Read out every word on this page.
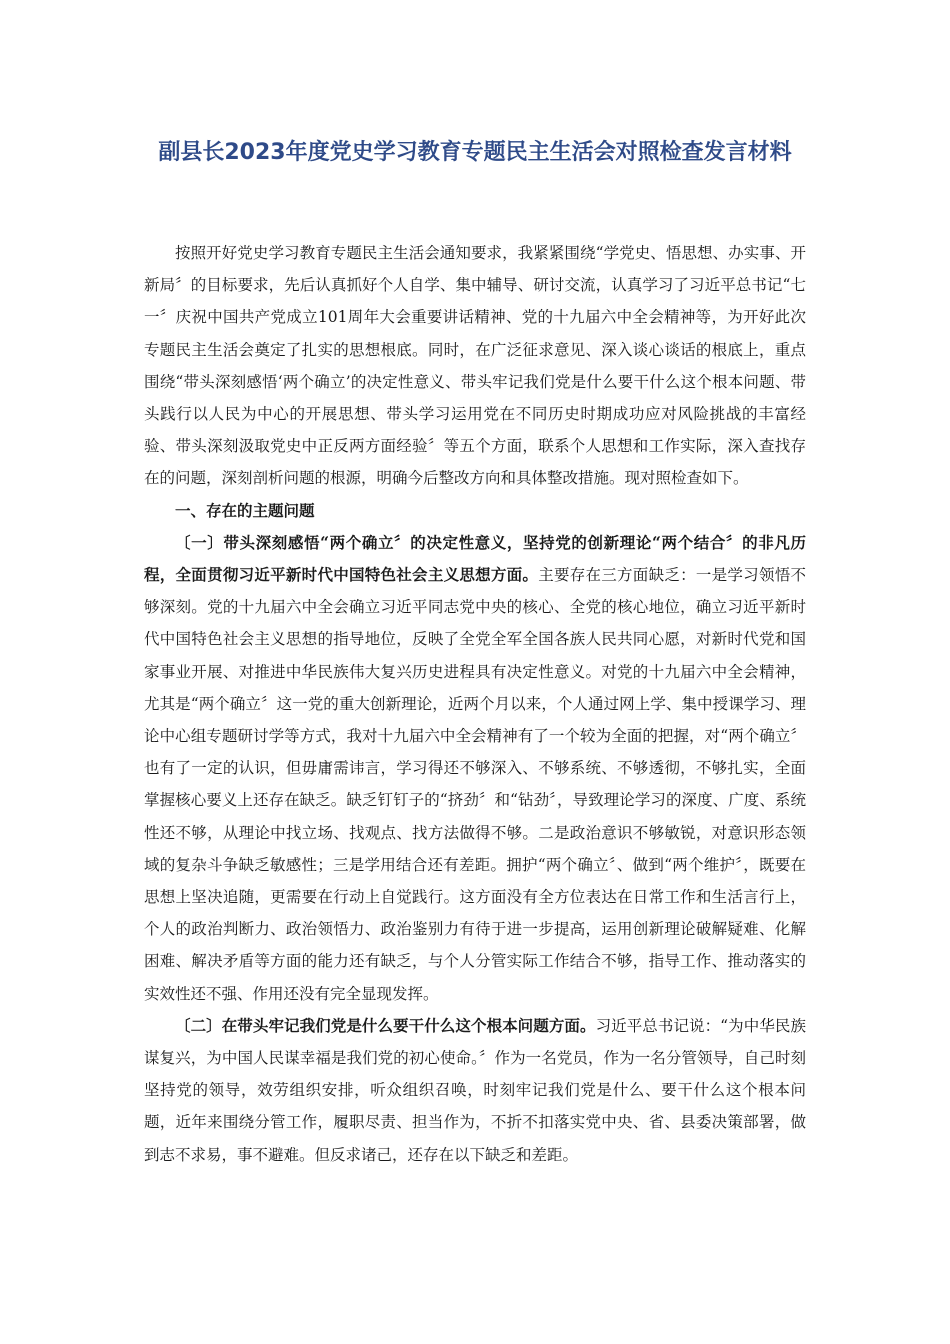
副县长2023年度党史学习教育专题民主生活会对照检查发言材料

按照开好党史学习教育专题民主生活会通知要求，我紧紧围绕“学党史、悟思想、办实事、开新局〞的目标要求，先后认真抓好个人自学、集中辅导、研讨交流，认真学习了习近平总书记“七一〞庆祝中国共产党成立101周年大会重要讲话精神、党的十九届六中全会精神等，为开好此次专题民主生活会奠定了扎实的思想根底。同时，在广泛征求意见、深入谈心谈话的根底上，重点围绕“带头深刻感悟‘两个确立’的决定性意义、带头牢记我们党是什么要干什么这个根本问题、带头践行以人民为中心的开展思想、带头学习运用党在不同历史时期成功应对风险挑战的丰富经验、带头深刻汲取党史中正反两方面经验〞等五个方面，联系个人思想和工作实际，深入查找存在的问题，深刻剖析问题的根源，明确今后整改方向和具体整改措施。现对照检查如下。

一、存在的主题问题

〔一〕带头深刻感悟“两个确立〞的决定性意义，坚持党的创新理论“两个结合〞的非凡历程，全面贯彻习近平新时代中国特色社会主义思想方面。主要存在三方面缺乏：一是学习领悟不够深刻。党的十九届六中全会确立习近平同志党中央的核心、全党的核心地位，确立习近平新时代中国特色社会主义思想的指导地位，反映了全党全军全国各族人民共同心愿，对新时代党和国家事业开展、对推进中华民族伟大复兴历史进程具有决定性意义。对党的十九届六中全会精神，尤其是“两个确立〞这一党的重大创新理论，近两个月以来，个人通过网上学、集中授课学习、理论中心组专题研讨学等方式，我对十九届六中全会精神有了一个较为全面的把握，对“两个确立〞也有了一定的认识，但毋庸需讳言，学习得还不够深入、不够系统、不够透彻，不够扎实，全面掌握核心要义上还存在缺乏。缺乏钉钉子的“挤劲〞和“钻劲〞，导致理论学习的深度、广度、系统性还不够，从理论中找立场、找观点、找方法做得不够。二是政治意识不够敏锐，对意识形态领域的复杂斗争缺乏敏感性；三是学用结合还有差距。拥护“两个确立〞、做到“两个维护〞，既要在思想上坚决追随，更需要在行动上自觉践行。这方面没有全方位表达在日常工作和生活言行上，个人的政治判断力、政治领悟力、政治鉴别力有待于进一步提高，运用创新理论破解疑难、化解困难、解决矛盾等方面的能力还有缺乏，与个人分管实际工作结合不够，指导工作、推动落实的实效性还不强、作用还没有完全显现发挥。

〔二〕在带头牢记我们党是什么要干什么这个根本问题方面。习近平总书记说：“为中华民族谋复兴，为中国人民谋幸福是我们党的初心使命。〞作为一名党员，作为一名分管领导，自己时刻坚持党的领导，效劳组织安排，听众组织召唤，时刻牢记我们党是什么、要干什么这个根本问题，近年来围绕分管工作，履职尽责、担当作为，不折不扣落实党中央、省、县委决策部署，做到志不求易，事不避难。但反求诸己，还存在以下缺乏和差距。
